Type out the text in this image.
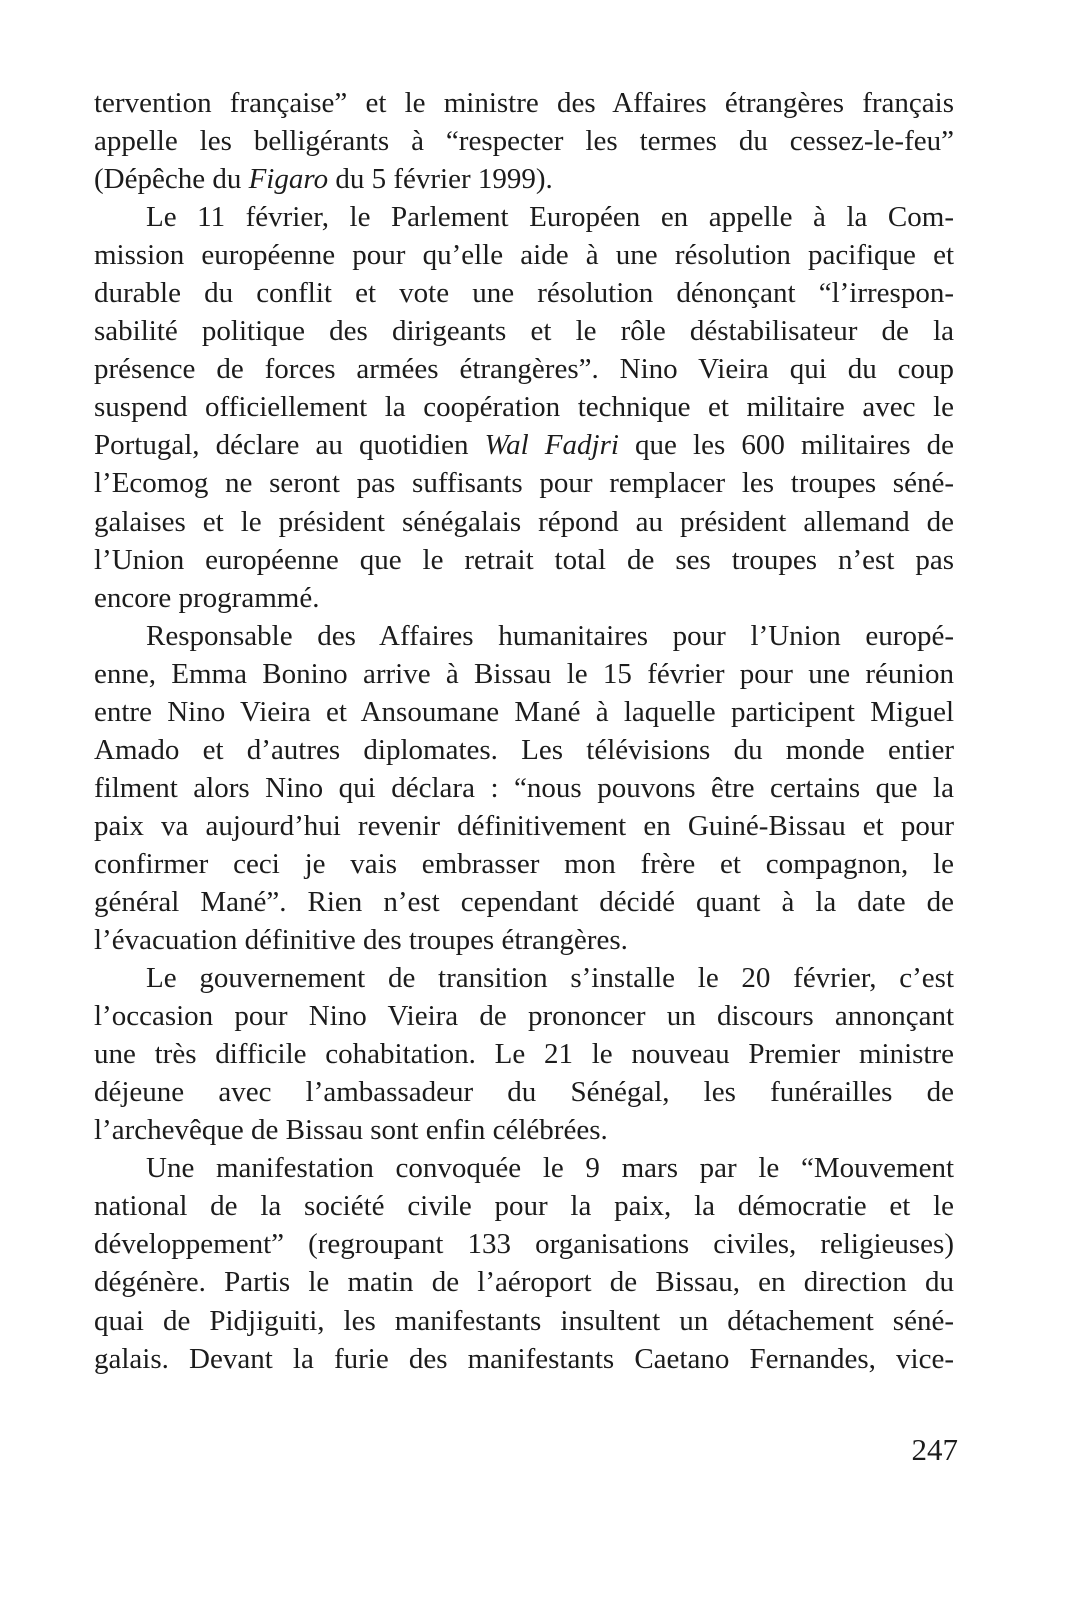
tervention française” et le ministre des Affaires étrangères français
appelle les belligérants à “respecter les termes du cessez-le-feu”
(Dépêche du Figaro du 5 février 1999).
Le 11 février, le Parlement Européen en appelle à la Com-
mission européenne pour qu’elle aide à une résolution pacifique et
durable du conflit et vote une résolution dénonçant “l’irrespon-
sabilité politique des dirigeants et le rôle déstabilisateur de la
présence de forces armées étrangères”. Nino Vieira qui du coup
suspend officiellement la coopération technique et militaire avec le
Portugal, déclare au quotidien Wal Fadjri que les 600 militaires de
l’Ecomog ne seront pas suffisants pour remplacer les troupes séné-
galaises et le président sénégalais répond au président allemand de
l’Union européenne que le retrait total de ses troupes n’est pas
encore programmé.
Responsable des Affaires humanitaires pour l’Union europé-
enne, Emma Bonino arrive à Bissau le 15 février pour une réunion
entre Nino Vieira et Ansoumane Mané à laquelle participent Miguel
Amado et d’autres diplomates. Les télévisions du monde entier
filment alors Nino qui déclara : “nous pouvons être certains que la
paix va aujourd’hui revenir définitivement en Guiné-Bissau et pour
confirmer ceci je vais embrasser mon frère et compagnon, le
général Mané”. Rien n’est cependant décidé quant à la date de
l’évacuation définitive des troupes étrangères.
Le gouvernement de transition s’installe le 20 février, c’est
l’occasion pour Nino Vieira de prononcer un discours annonçant
une très difficile cohabitation. Le 21 le nouveau Premier ministre
déjeune avec l’ambassadeur du Sénégal, les funérailles de
l’archevêque de Bissau sont enfin célébrées.
Une manifestation convoquée le 9 mars par le “Mouvement
national de la société civile pour la paix, la démocratie et le
développement” (regroupant 133 organisations civiles, religieuses)
dégénère. Partis le matin de l’aéroport de Bissau, en direction du
quai de Pidjiguiti, les manifestants insultent un détachement séné-
galais. Devant la furie des manifestants Caetano Fernandes, vice-
247
